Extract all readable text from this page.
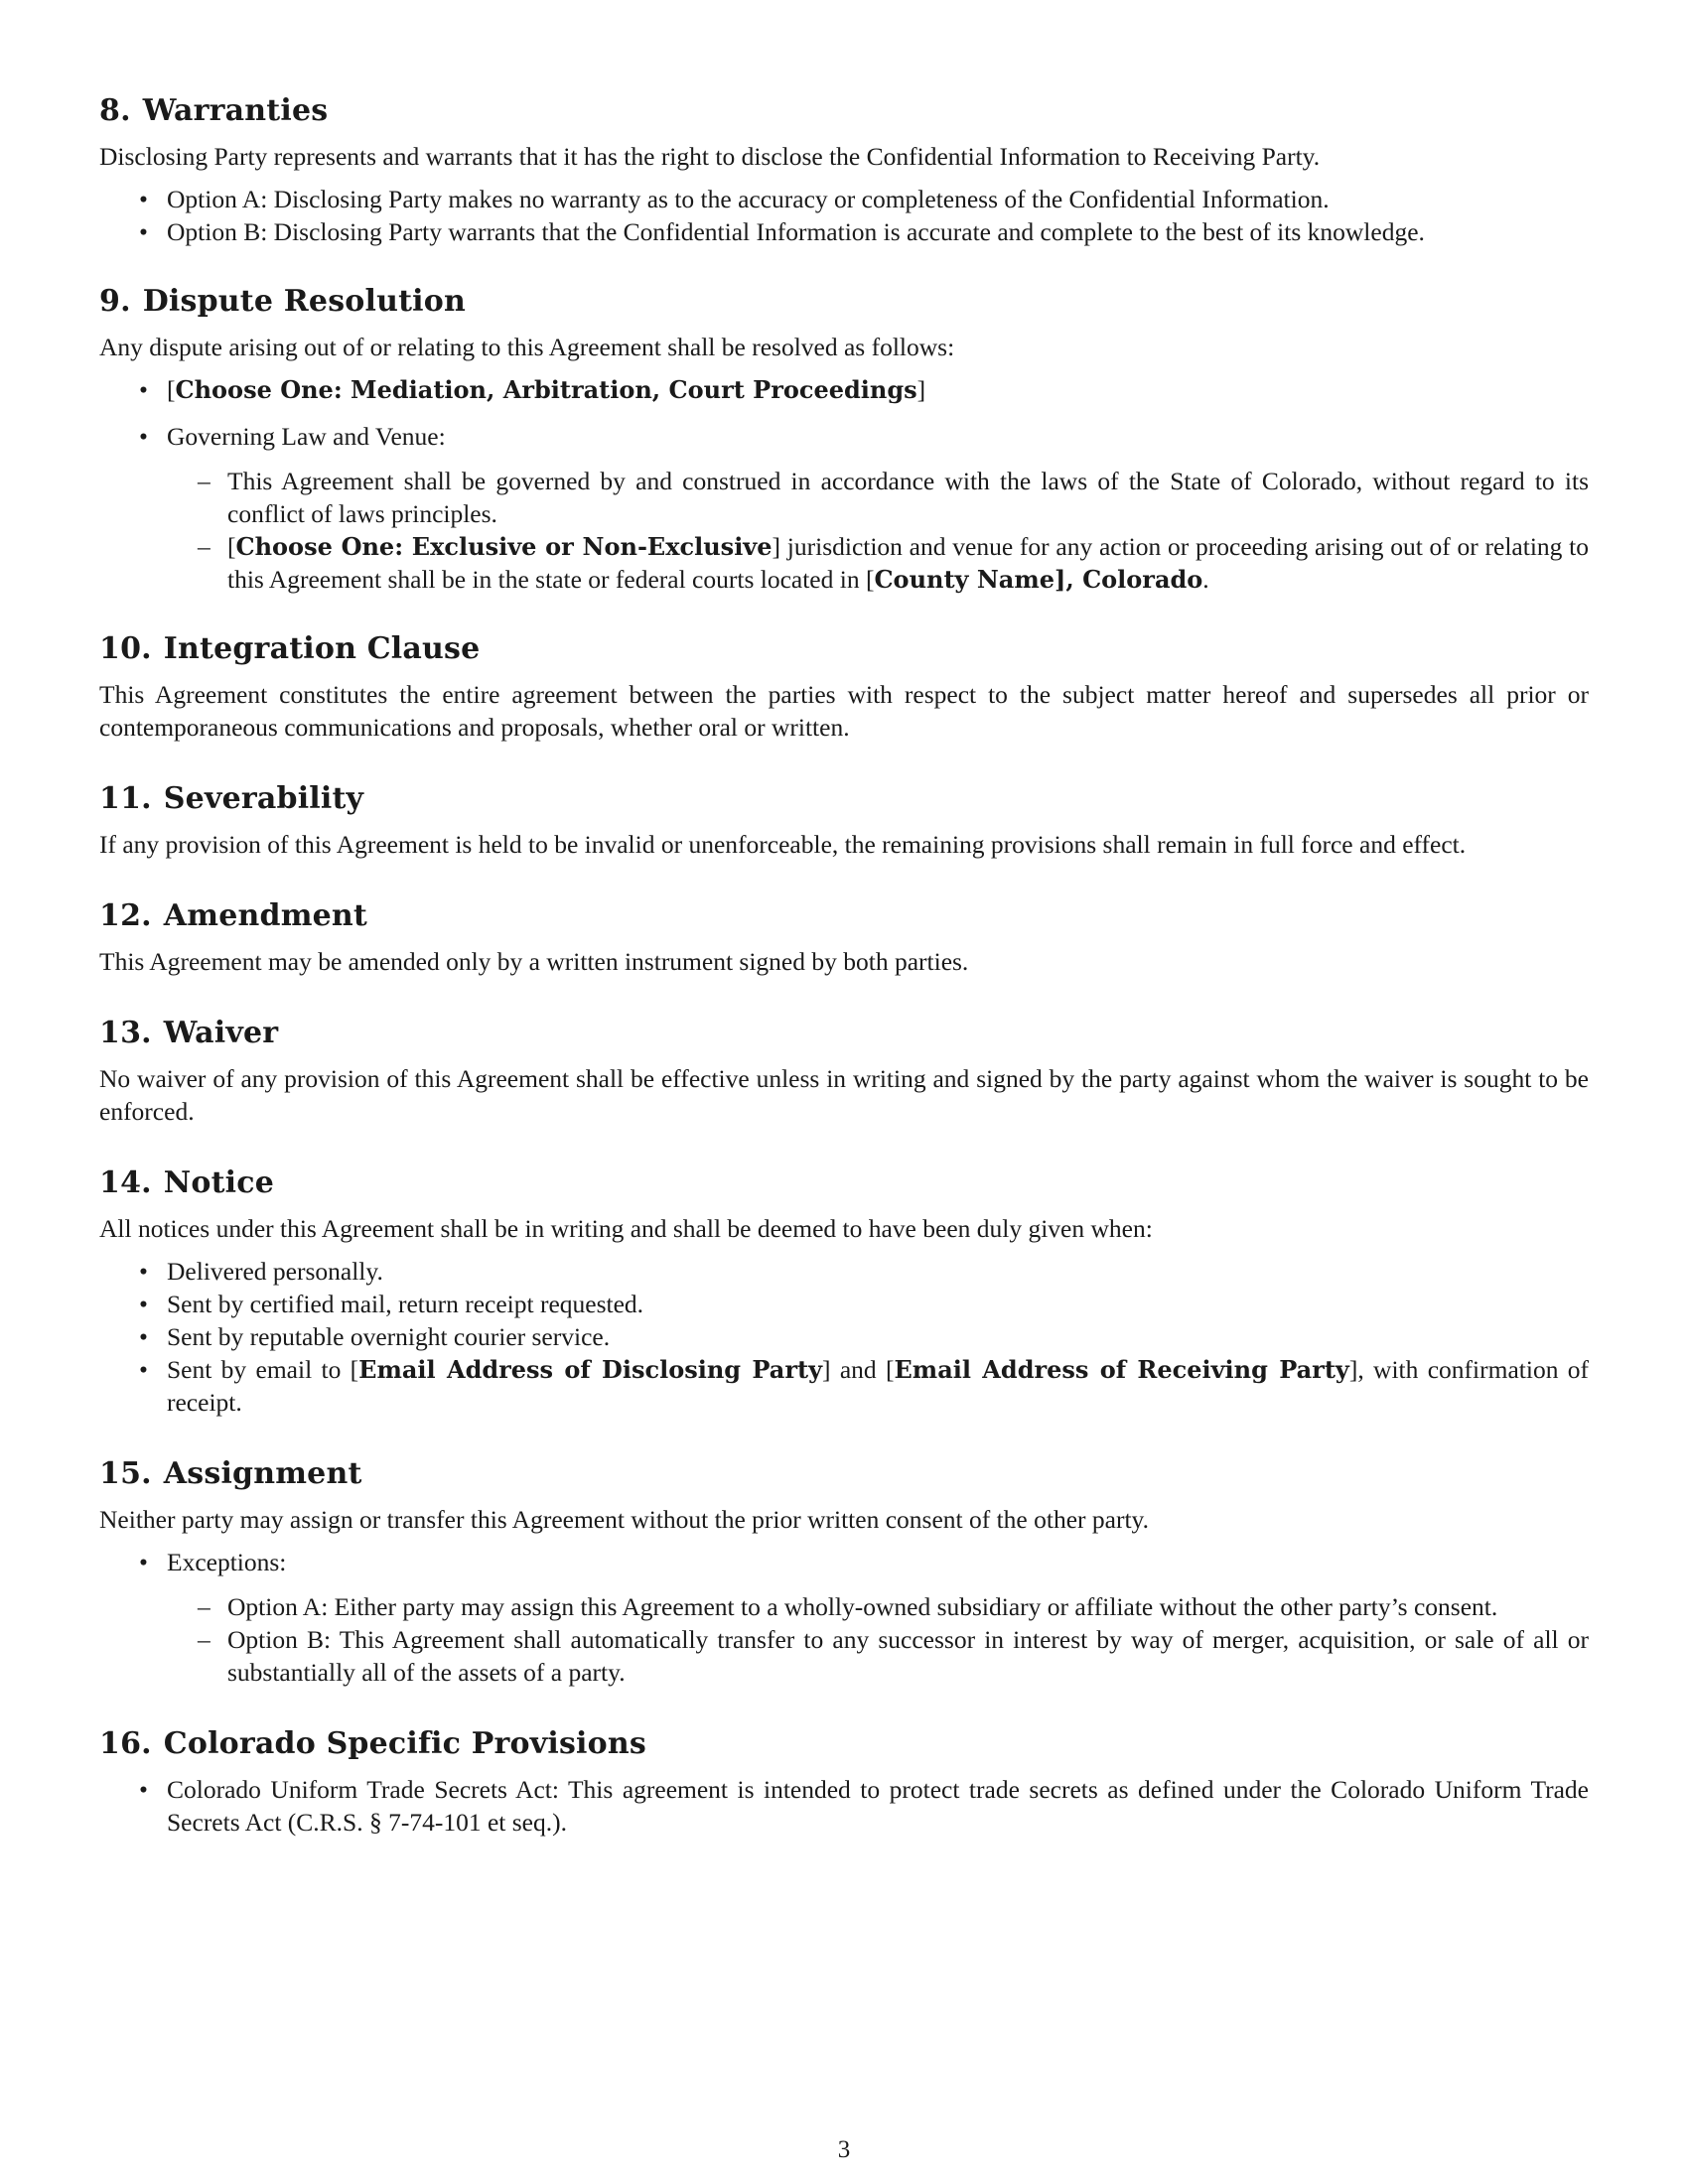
8. Warranties

Disclosing Party represents and warrants that it has the right to disclose the Confidential Information to Receiving Party.

• Option A: Disclosing Party makes no warranty as to the accuracy or completeness of the Confidential Information.
• Option B: Disclosing Party warrants that the Confidential Information is accurate and complete to the best of its knowledge.
9. Dispute Resolution

Any dispute arising out of or relating to this Agreement shall be resolved as follows:

• [Choose One: Mediation, Arbitration, Court Proceedings]
• Governing Law and Venue:
– This Agreement shall be governed by and construed in accordance with the laws of the State of Colorado, without regard to its conflict of laws principles.
– [Choose One: Exclusive or Non-Exclusive] jurisdiction and venue for any action or proceeding arising out of or relating to this Agreement shall be in the state or federal courts located in [County Name], Colorado.
10. Integration Clause

This Agreement constitutes the entire agreement between the parties with respect to the subject matter hereof and supersedes all prior or contemporaneous communications and proposals, whether oral or written.

11. Severability

If any provision of this Agreement is held to be invalid or unenforceable, the remaining provisions shall remain in full force and effect.

12. Amendment

This Agreement may be amended only by a written instrument signed by both parties.

13. Waiver

No waiver of any provision of this Agreement shall be effective unless in writing and signed by the party against whom the waiver is sought to be enforced.

14. Notice

All notices under this Agreement shall be in writing and shall be deemed to have been duly given when:

• Delivered personally.
• Sent by certified mail, return receipt requested.
• Sent by reputable overnight courier service.
• Sent by email to [Email Address of Disclosing Party] and [Email Address of Receiving Party], with confirmation of receipt.
15. Assignment

Neither party may assign or transfer this Agreement without the prior written consent of the other party.

• Exceptions:
– Option A: Either party may assign this Agreement to a wholly-owned subsidiary or affiliate without the other party’s consent.
– Option B: This Agreement shall automatically transfer to any successor in interest by way of merger, acquisition, or sale of all or substantially all of the assets of a party.
16. Colorado Specific Provisions
• Colorado Uniform Trade Secrets Act: This agreement is intended to protect trade secrets as defined under the Colorado Uniform Trade Secrets Act (C.R.S. § 7-74-101 et seq.).
3
